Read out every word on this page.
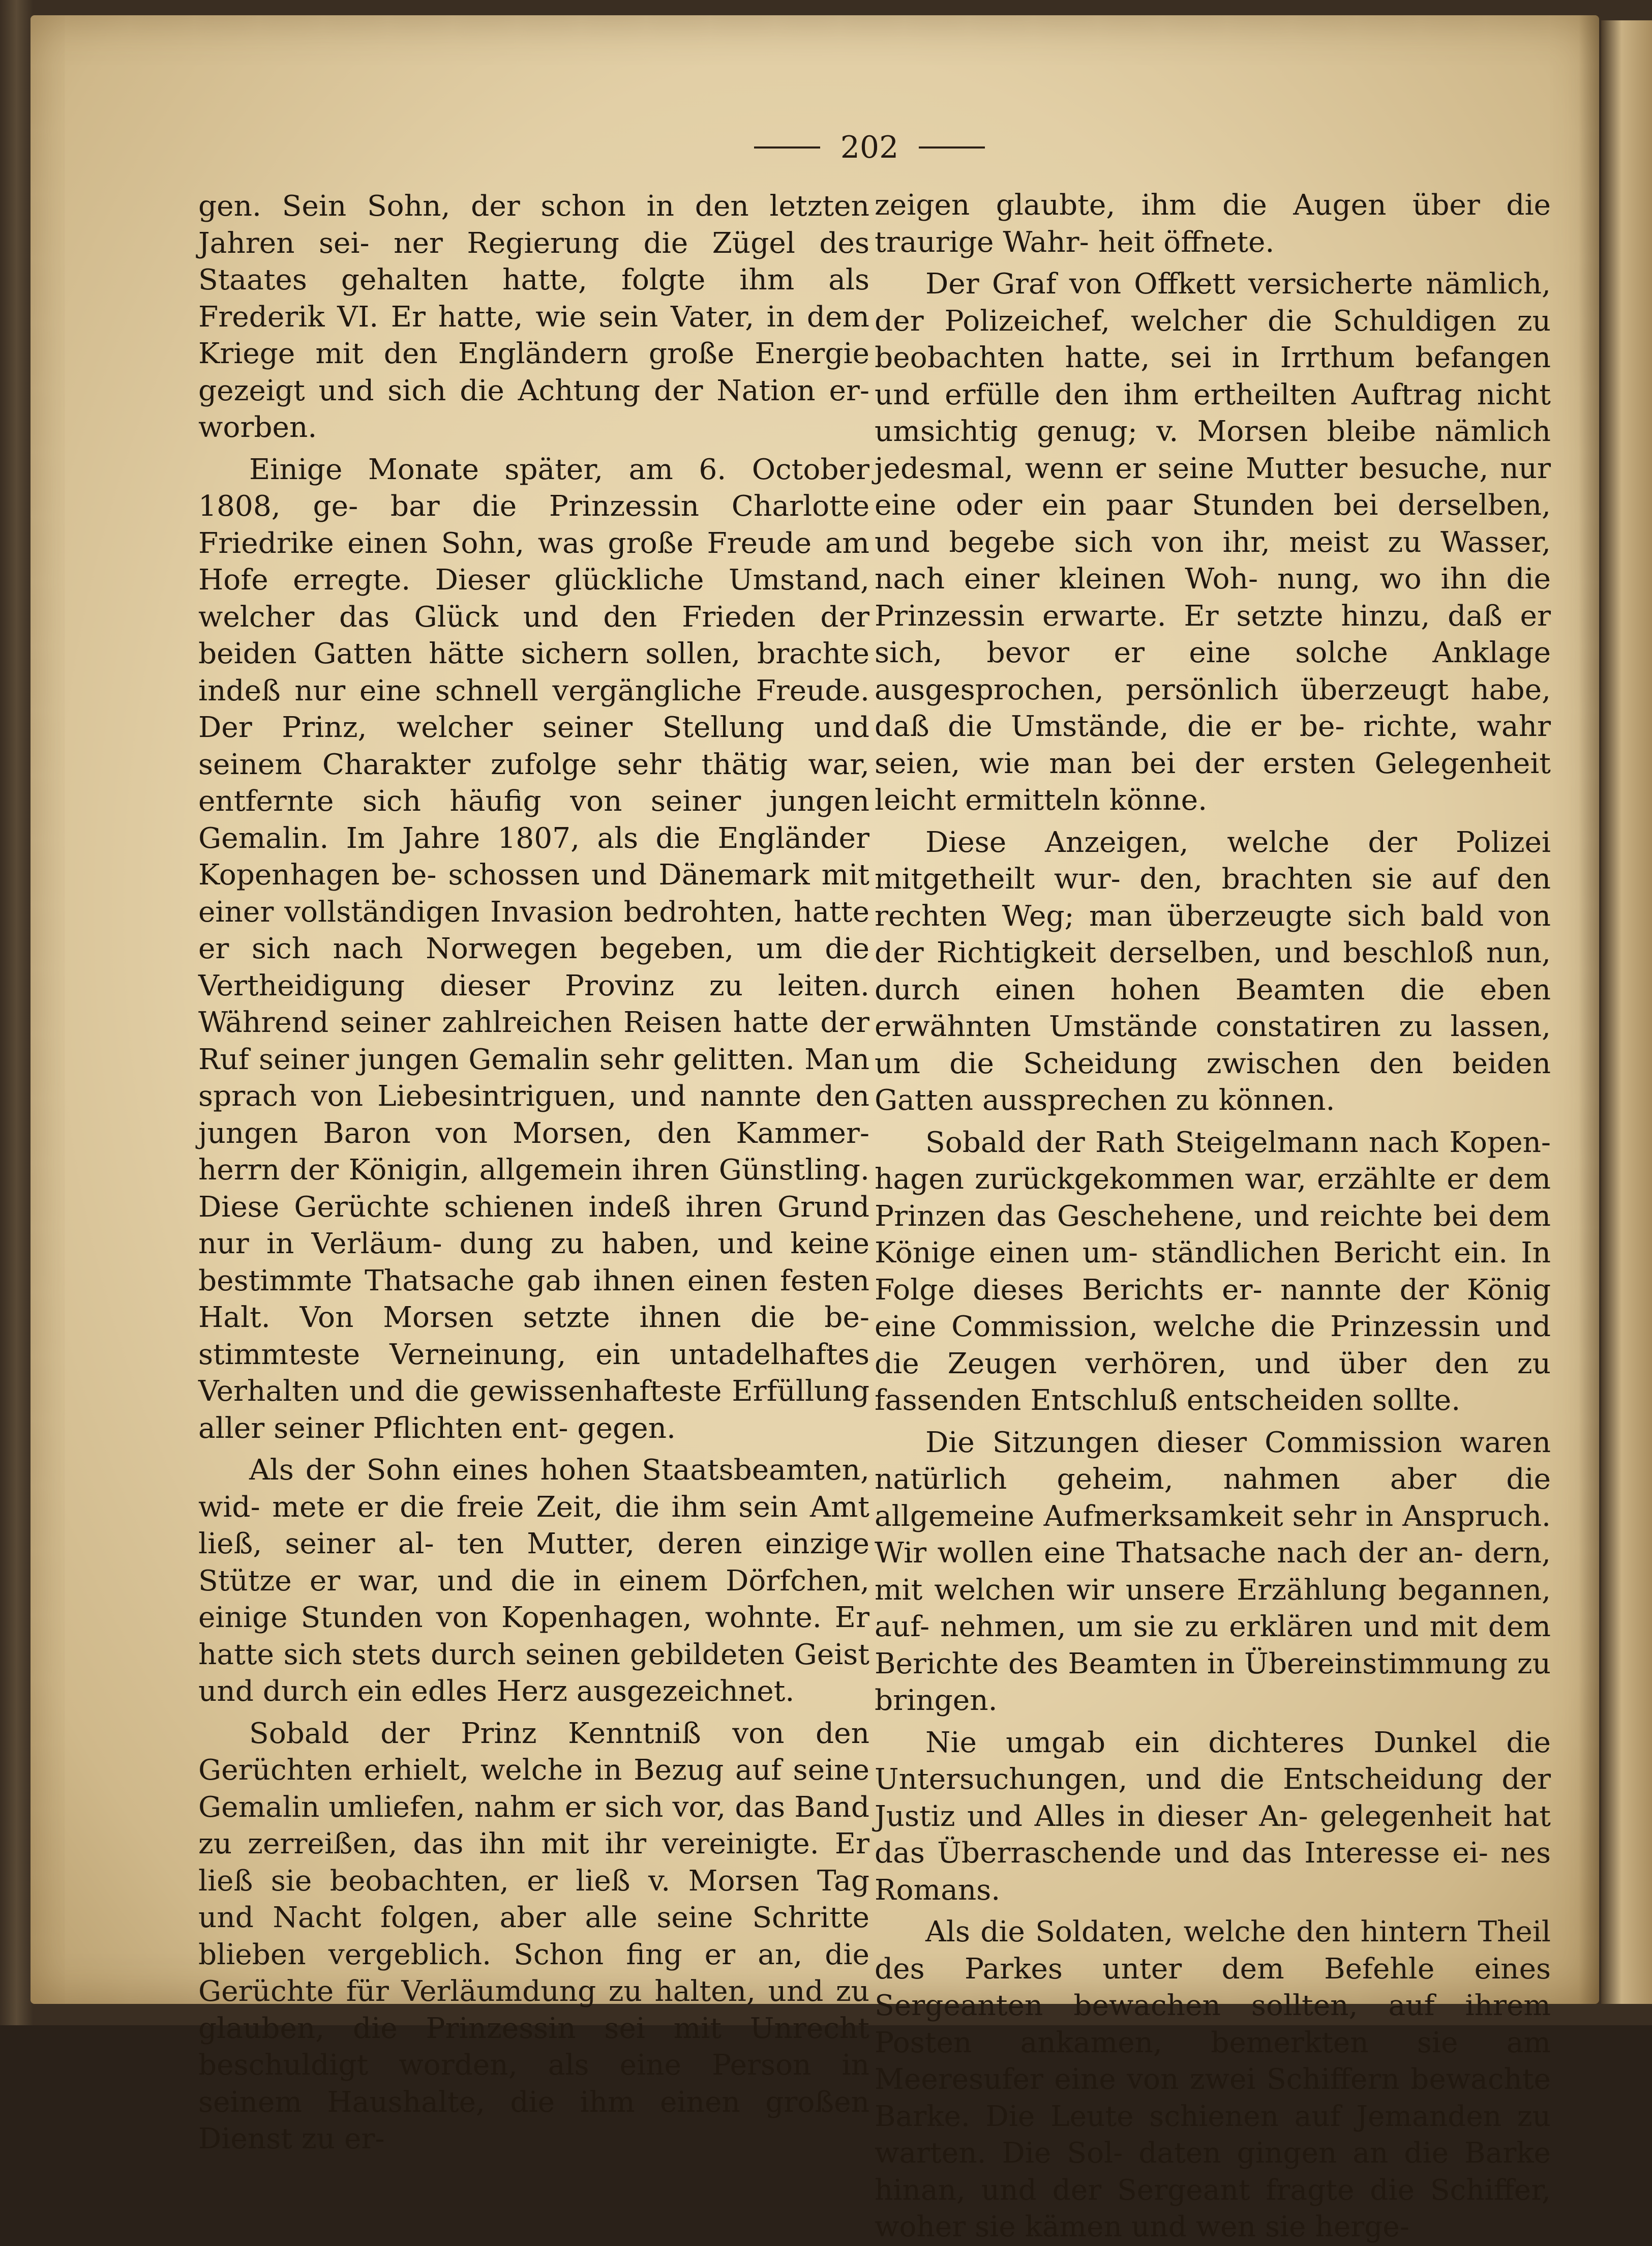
202

gen. Sein Sohn, der schon in den letzten Jahren sei- ner Regierung die Zügel des Staates gehalten hatte, folgte ihm als Frederik VI. Er hatte, wie sein Vater, in dem Kriege mit den Engländern große Energie gezeigt und sich die Achtung der Nation er- worben.

Einige Monate später, am 6. October 1808, ge- bar die Prinzessin Charlotte Friedrike einen Sohn, was große Freude am Hofe erregte. Dieser glückliche Umstand, welcher das Glück und den Frieden der beiden Gatten hätte sichern sollen, brachte indeß nur eine schnell vergängliche Freude. Der Prinz, welcher seiner Stellung und seinem Charakter zufolge sehr thätig war, entfernte sich häufig von seiner jungen Gemalin. Im Jahre 1807, als die Engländer Kopenhagen be- schossen und Dänemark mit einer vollständigen Invasion bedrohten, hatte er sich nach Norwegen begeben, um die Vertheidigung dieser Provinz zu leiten. Während seiner zahlreichen Reisen hatte der Ruf seiner jungen Gemalin sehr gelitten. Man sprach von Liebesintriguen, und nannte den jungen Baron von Morsen, den Kammer- herrn der Königin, allgemein ihren Günstling. Diese Gerüchte schienen indeß ihren Grund nur in Verläum- dung zu haben, und keine bestimmte Thatsache gab ihnen einen festen Halt. Von Morsen setzte ihnen die be- stimmteste Verneinung, ein untadelhaftes Verhalten und die gewissenhafteste Erfüllung aller seiner Pflichten ent- gegen.

Als der Sohn eines hohen Staatsbeamten, wid- mete er die freie Zeit, die ihm sein Amt ließ, seiner al- ten Mutter, deren einzige Stütze er war, und die in einem Dörfchen, einige Stunden von Kopenhagen, wohnte. Er hatte sich stets durch seinen gebildeten Geist und durch ein edles Herz ausgezeichnet.

Sobald der Prinz Kenntniß von den Gerüchten erhielt, welche in Bezug auf seine Gemalin umliefen, nahm er sich vor, das Band zu zerreißen, das ihn mit ihr vereinigte. Er ließ sie beobachten, er ließ v. Morsen Tag und Nacht folgen, aber alle seine Schritte blieben vergeblich. Schon fing er an, die Gerüchte für Verläumdung zu halten, und zu glauben, die Prinzessin sei mit Unrecht beschuldigt worden, als eine Person in seinem Haushalte, die ihm einen großen Dienst zu er-

zeigen glaubte, ihm die Augen über die traurige Wahr- heit öffnete.

Der Graf von Offkett versicherte nämlich, der Polizeichef, welcher die Schuldigen zu beobachten hatte, sei in Irrthum befangen und erfülle den ihm ertheilten Auftrag nicht umsichtig genug; v. Morsen bleibe nämlich jedesmal, wenn er seine Mutter besuche, nur eine oder ein paar Stunden bei derselben, und begebe sich von ihr, meist zu Wasser, nach einer kleinen Woh- nung, wo ihn die Prinzessin erwarte. Er setzte hinzu, daß er sich, bevor er eine solche Anklage ausgesprochen, persönlich überzeugt habe, daß die Umstände, die er be- richte, wahr seien, wie man bei der ersten Gelegenheit leicht ermitteln könne.

Diese Anzeigen, welche der Polizei mitgetheilt wur- den, brachten sie auf den rechten Weg; man überzeugte sich bald von der Richtigkeit derselben, und beschloß nun, durch einen hohen Beamten die eben erwähnten Umstände constatiren zu lassen, um die Scheidung zwischen den beiden Gatten aussprechen zu können.

Sobald der Rath Steigelmann nach Kopen- hagen zurückgekommen war, erzählte er dem Prinzen das Geschehene, und reichte bei dem Könige einen um- ständlichen Bericht ein. In Folge dieses Berichts er- nannte der König eine Commission, welche die Prinzessin und die Zeugen verhören, und über den zu fassenden Entschluß entscheiden sollte.

Die Sitzungen dieser Commission waren natürlich geheim, nahmen aber die allgemeine Aufmerksamkeit sehr in Anspruch. Wir wollen eine Thatsache nach der an- dern, mit welchen wir unsere Erzählung begannen, auf- nehmen, um sie zu erklären und mit dem Berichte des Beamten in Übereinstimmung zu bringen.

Nie umgab ein dichteres Dunkel die Untersuchungen, und die Entscheidung der Justiz und Alles in dieser An- gelegenheit hat das Überraschende und das Interesse ei- nes Romans.

Als die Soldaten, welche den hintern Theil des Parkes unter dem Befehle eines Sergeanten bewachen sollten, auf ihrem Posten ankamen, bemerkten sie am Meeresufer eine von zwei Schiffern bewachte Barke. Die Leute schienen auf Jemanden zu warten. Die Sol- daten gingen an die Barke hinan, und der Sergeant fragte die Schiffer, woher sie kämen und wen sie herge-
